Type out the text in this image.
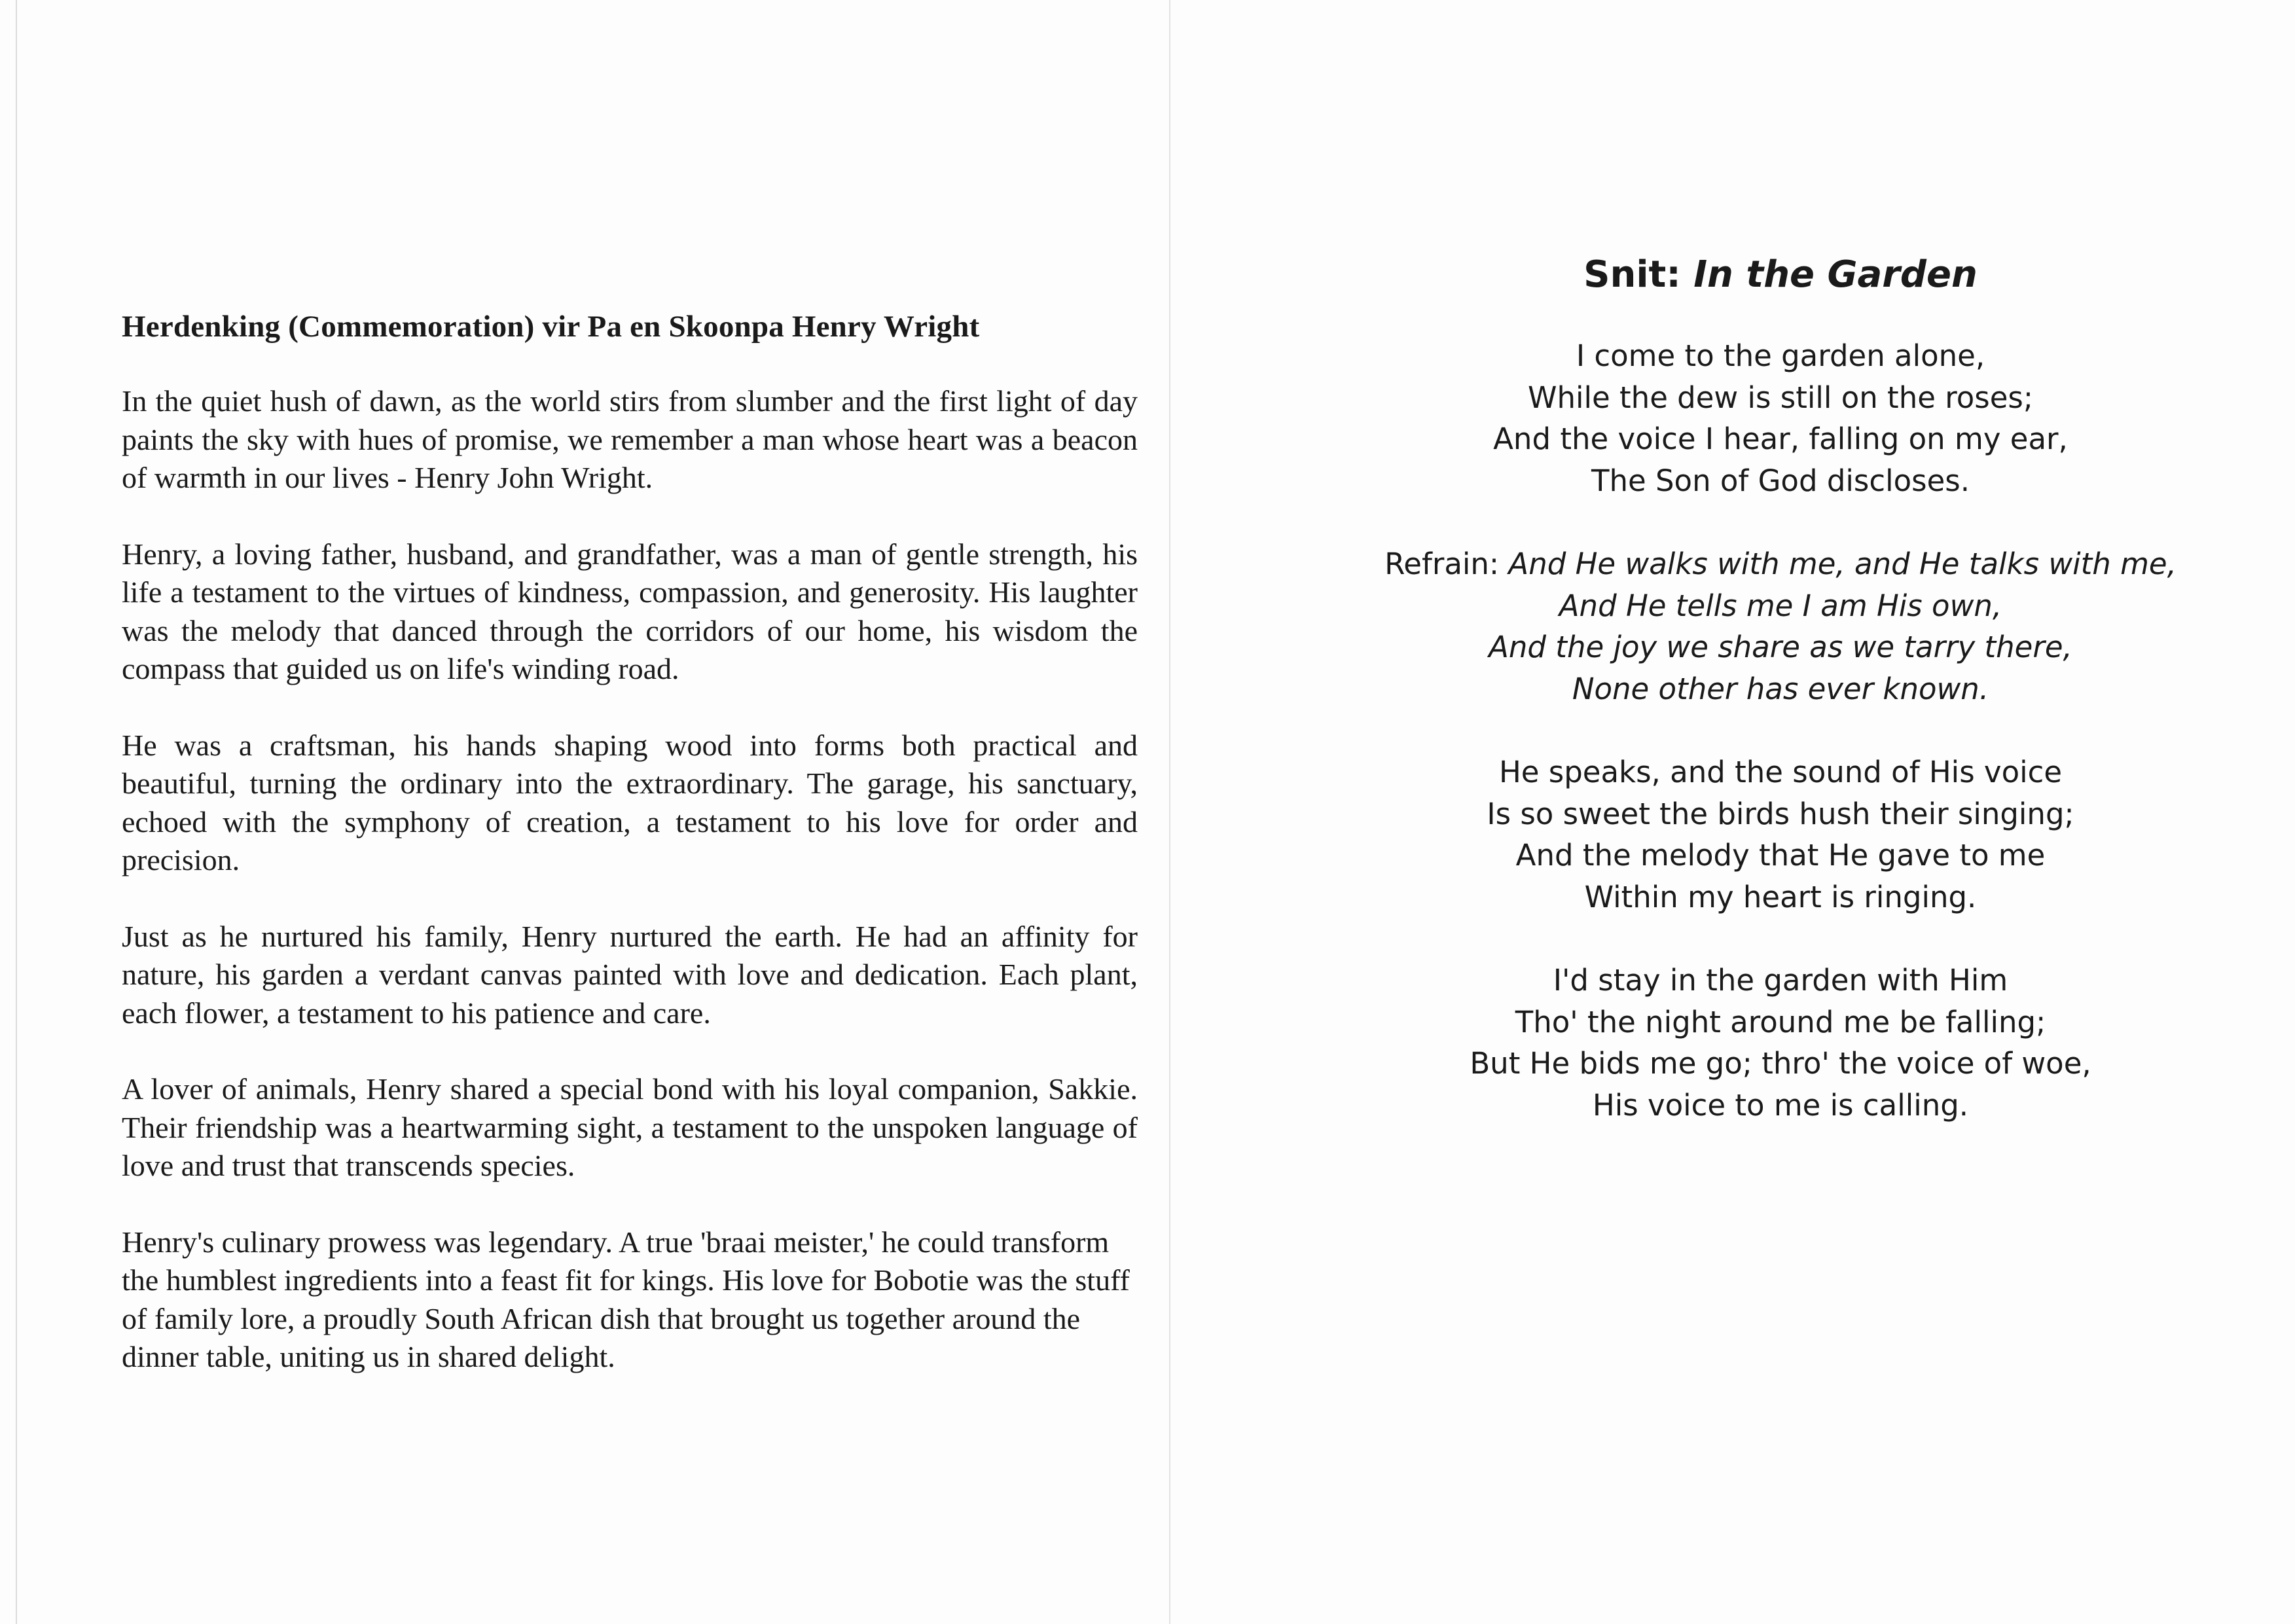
Herdenking (Commemoration) vir Pa en Skoonpa Henry Wright

In the quiet hush of dawn, as the world stirs from slumber and the first light of day paints the sky with hues of promise, we remember a man whose heart was a beacon of warmth in our lives - Henry John Wright.

Henry, a loving father, husband, and grandfather, was a man of gentle strength, his life a testament to the virtues of kindness, compassion, and generosity. His laughter was the melody that danced through the corridors of our home, his wisdom the compass that guided us on life's winding road.

He was a craftsman, his hands shaping wood into forms both practical and beautiful, turning the ordinary into the extraordinary. The garage, his sanctuary, echoed with the symphony of creation, a testament to his love for order and precision.

Just as he nurtured his family, Henry nurtured the earth. He had an affinity for nature, his garden a verdant canvas painted with love and dedication. Each plant, each flower, a testament to his patience and care.

A lover of animals, Henry shared a special bond with his loyal companion, Sakkie. Their friendship was a heartwarming sight, a testament to the unspoken language of love and trust that transcends species.

Henry's culinary prowess was legendary. A true 'braai meister,' he could transform the humblest ingredients into a feast fit for kings. His love for Bobotie was the stuff of family lore, a proudly South African dish that brought us together around the dinner table, uniting us in shared delight.

Snit: In the Garden
I come to the garden alone,
While the dew is still on the roses;
And the voice I hear, falling on my ear,
The Son of God discloses.
Refrain: And He walks with me, and He talks with me,
And He tells me I am His own,
And the joy we share as we tarry there,
None other has ever known.
He speaks, and the sound of His voice
Is so sweet the birds hush their singing;
And the melody that He gave to me
Within my heart is ringing.
I'd stay in the garden with Him
Tho' the night around me be falling;
But He bids me go; thro' the voice of woe,
His voice to me is calling.
